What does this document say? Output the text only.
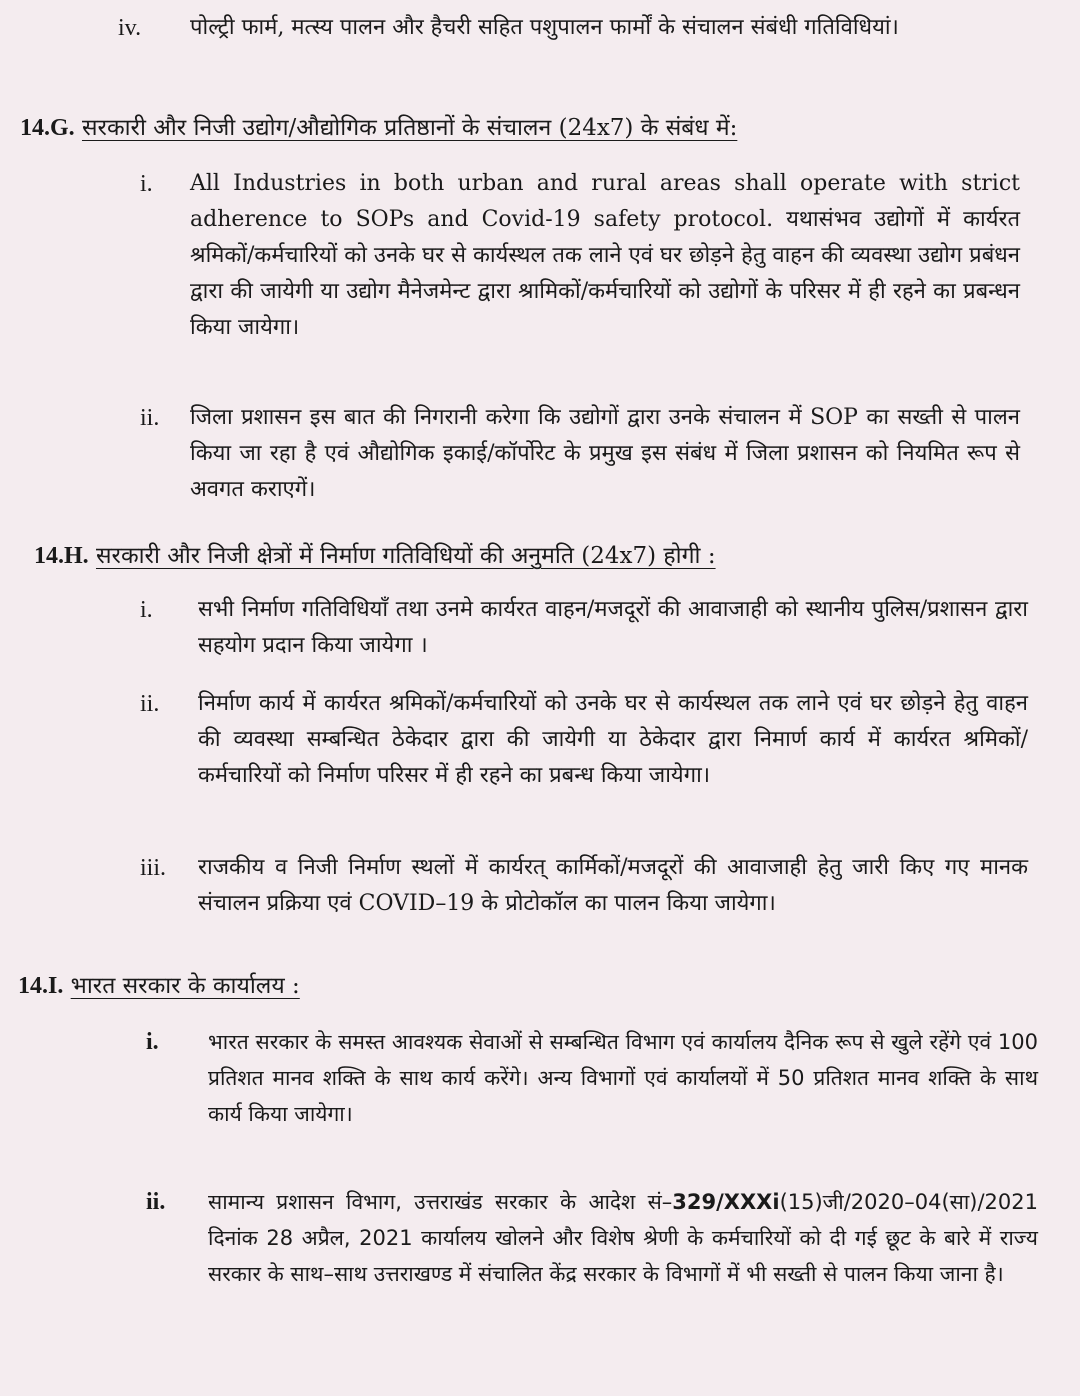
iv.	पोल्ट्री फार्म, मत्स्य पालन और हैचरी सहित पशुपालन फार्मों के संचालन संबंधी गतिविधियां।
14.G. सरकारी और निजी उद्योग/औद्योगिक प्रतिष्ठानों के संचालन (24x7) के संबंध में:
i.	All Industries in both urban and rural areas shall operate with strict adherence to SOPs and Covid-19 safety protocol. यथासंभव उद्योगों में कार्यरत श्रमिकों/कर्मचारियों को उनके घर से कार्यस्थल तक लाने एवं घर छोड़ने हेतु वाहन की व्यवस्था उद्योग प्रबंधन द्वारा की जायेगी या उद्योग मैनेजमेन्ट द्वारा श्रामिकों/कर्मचारियों को उद्योगों के परिसर में ही रहने का प्रबन्धन किया जायेगा।
ii.	जिला प्रशासन इस बात की निगरानी करेगा कि उद्योगों द्वारा उनके संचालन में SOP का सख्ती से पालन किया जा रहा है एवं औद्योगिक इकाई/कॉर्पोरेट के प्रमुख इस संबंध में जिला प्रशासन को नियमित रूप से अवगत कराएगें।
14.H. सरकारी और निजी क्षेत्रों में निर्माण गतिविधियों की अनुमति (24x7) होगी :
i.	सभी निर्माण गतिविधियाँ तथा उनमे कार्यरत वाहन/मजदूरों की आवाजाही को स्थानीय पुलिस/प्रशासन द्वारा सहयोग प्रदान किया जायेगा ।
ii.	निर्माण कार्य में कार्यरत श्रमिकों/कर्मचारियों को उनके घर से कार्यस्थल तक लाने एवं घर छोड़ने हेतु वाहन की व्यवस्था सम्बन्धित ठेकेदार द्वारा की जायेगी या ठेकेदार द्वारा निमार्ण कार्य में कार्यरत श्रमिकों/कर्मचारियों को निर्माण परिसर में ही रहने का प्रबन्ध किया जायेगा।
iii.	राजकीय व निजी निर्माण स्थलों में कार्यरत् कार्मिकों/मजदूरों की आवाजाही हेतु जारी किए गए मानक संचालन प्रक्रिया एवं COVID–19 के प्रोटोकॉल का पालन किया जायेगा।
14.I. भारत सरकार के कार्यालय :
i.	भारत सरकार के समस्त आवश्यक सेवाओं से सम्बन्धित विभाग एवं कार्यालय दैनिक रूप से खुले रहेंगे एवं 100 प्रतिशत मानव शक्ति के साथ कार्य करेंगे। अन्य विभागों एवं कार्यालयों में 50 प्रतिशत मानव शक्ति के साथ कार्य किया जायेगा।
ii.	सामान्य प्रशासन विभाग, उत्तराखंड सरकार के आदेश सं–329/XXXi(15)जी/2020–04(सा)/2021 दिनांक 28 अप्रैल, 2021 कार्यालय खोलने और विशेष श्रेणी के कर्मचारियों को दी गई छूट के बारे में राज्य सरकार के साथ–साथ उत्तराखण्ड में संचालित केंद्र सरकार के विभागों में भी सख्ती से पालन किया जाना है।
